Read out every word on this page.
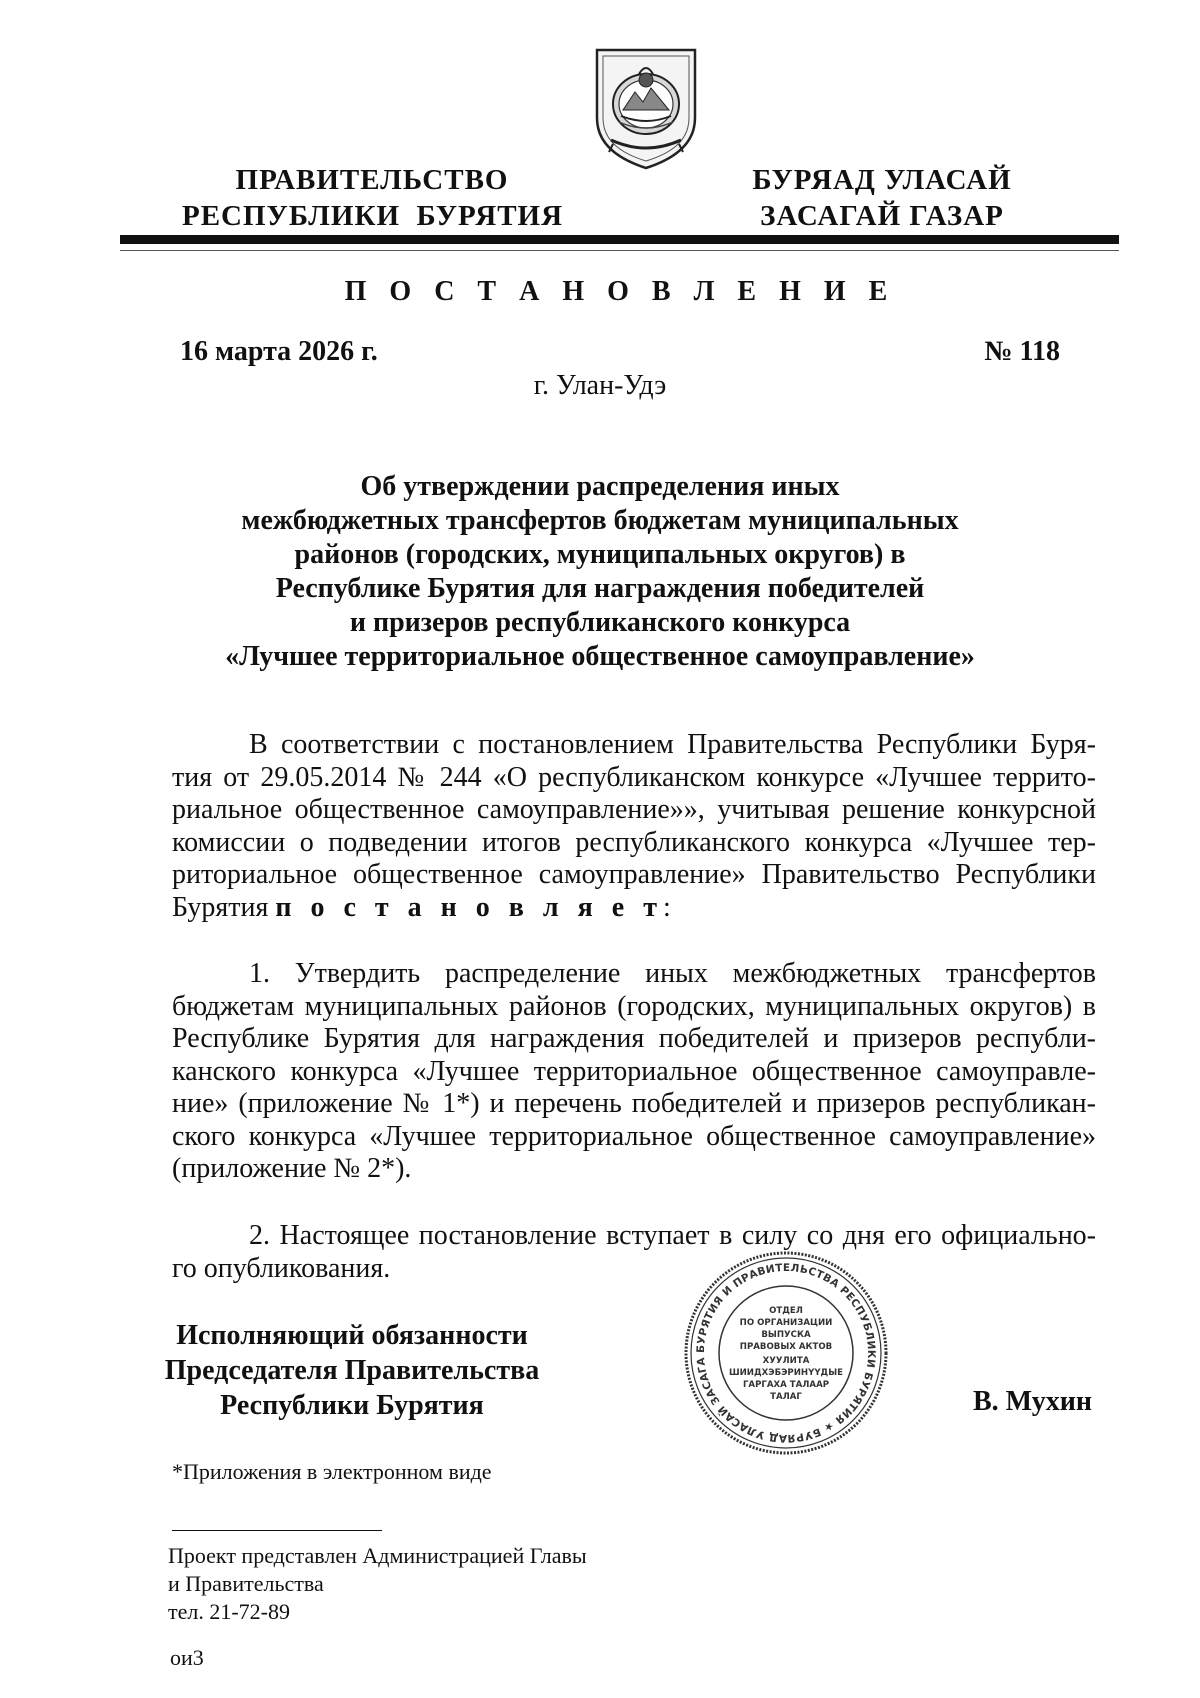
ПРАВИТЕЛЬСТВО
РЕСПУБЛИКИ  БУРЯТИЯ
БУРЯАД УЛАСАЙ
ЗАСАГАЙ ГАЗАР
П О С Т А Н О В Л Е Н И Е
16 марта 2026 г.	№ 118
г. Улан-Удэ
Об утверждении распределения иных
межбюджетных трансфертов бюджетам муниципальных
районов (городских, муниципальных округов) в
Республике Бурятия для награждения победителей
и призеров республиканского конкурса
«Лучшее территориальное общественное самоуправление»
В соответствии с постановлением Правительства Республики Буря-
тия от 29.05.2014 № 244 «О республиканском конкурсе «Лучшее террито-
риальное общественное самоуправление»», учитывая решение конкурсной
комиссии о подведении итогов республиканского конкурса «Лучшее тер-
риториальное общественное самоуправление» Правительство Республики
Бурятия п о с т а н о в л я е т:
1. Утвердить распределение иных межбюджетных трансфертов
бюджетам муниципальных районов (городских, муниципальных округов) в
Республике Бурятия для награждения победителей и призеров республи-
канского конкурса «Лучшее территориальное общественное самоуправле-
ние» (приложение № 1*) и перечень победителей и призеров республикан-
ского конкурса «Лучшее территориальное общественное самоуправление»
(приложение № 2*).
2. Настоящее постановление вступает в силу со дня его официально-
го опубликования.
Исполняющий обязанности
Председателя Правительства
Республики Бурятия
БУРЯТИЯ И ПРАВИТЕЛЬСТВА РЕСПУБЛИКИ БУРЯТИЯ ★ БУРЯАД УЛАСАЙ ЗАСАГА
ОТДЕЛ
ПО ОРГАНИЗАЦИИ
ВЫПУСКА
ПРАВОВЫХ АКТОВ
ХУУЛИТА
ШИИДХЭБЭРИНҮҮДЫЕ
ГАРГАХА ТАЛААР
ТАЛАГ	В. Мухин
*Приложения в электронном виде
Проект представлен Администрацией Главы
и Правительства
тел. 21-72-89
ои3
